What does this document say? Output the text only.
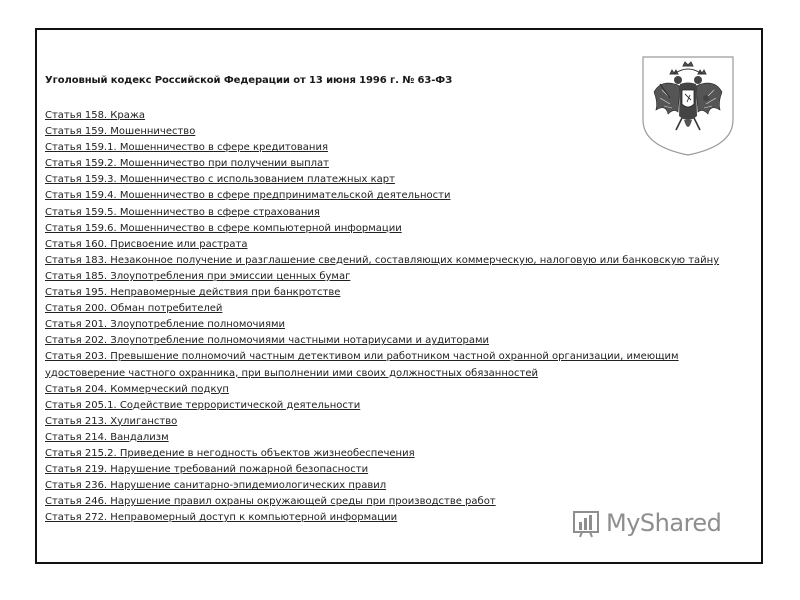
Уголовный кодекс Российской Федерации от 13 июня 1996 г. № 63-ФЗ

Статья 158. Кража
Статья 159. Мошенничество
Статья 159.1. Мошенничество в сфере кредитования
Статья 159.2. Мошенничество при получении выплат
Статья 159.3. Мошенничество с использованием платежных карт
Статья 159.4. Мошенничество в сфере предпринимательской деятельности
Статья 159.5. Мошенничество в сфере страхования
Статья 159.6. Мошенничество в сфере компьютерной информации
Статья 160. Присвоение или растрата
Статья 183. Незаконное получение и разглашение сведений, составляющих коммерческую, налоговую или банковскую тайну
Статья 185. Злоупотребления при эмиссии ценных бумаг
Статья 195. Неправомерные действия при банкротстве
Статья 200. Обман потребителей
Статья 201. Злоупотребление полномочиями
Статья 202. Злоупотребление полномочиями частными нотариусами и аудиторами
Статья 203. Превышение полномочий частным детективом или работником частной охранной организации, имеющим удостоверение частного охранника, при выполнении ими своих должностных обязанностей
Статья 204. Коммерческий подкуп
Статья 205.1. Содействие террористической деятельности
Статья 213. Хулиганство
Статья 214. Вандализм
Статья 215.2. Приведение в негодность объектов жизнеобеспечения
Статья 219. Нарушение требований пожарной безопасности
Статья 236. Нарушение санитарно-эпидемиологических правил
Статья 246. Нарушение правил охраны окружающей среды при производстве работ
Статья 272. Неправомерный доступ к компьютерной информации	MyShared
